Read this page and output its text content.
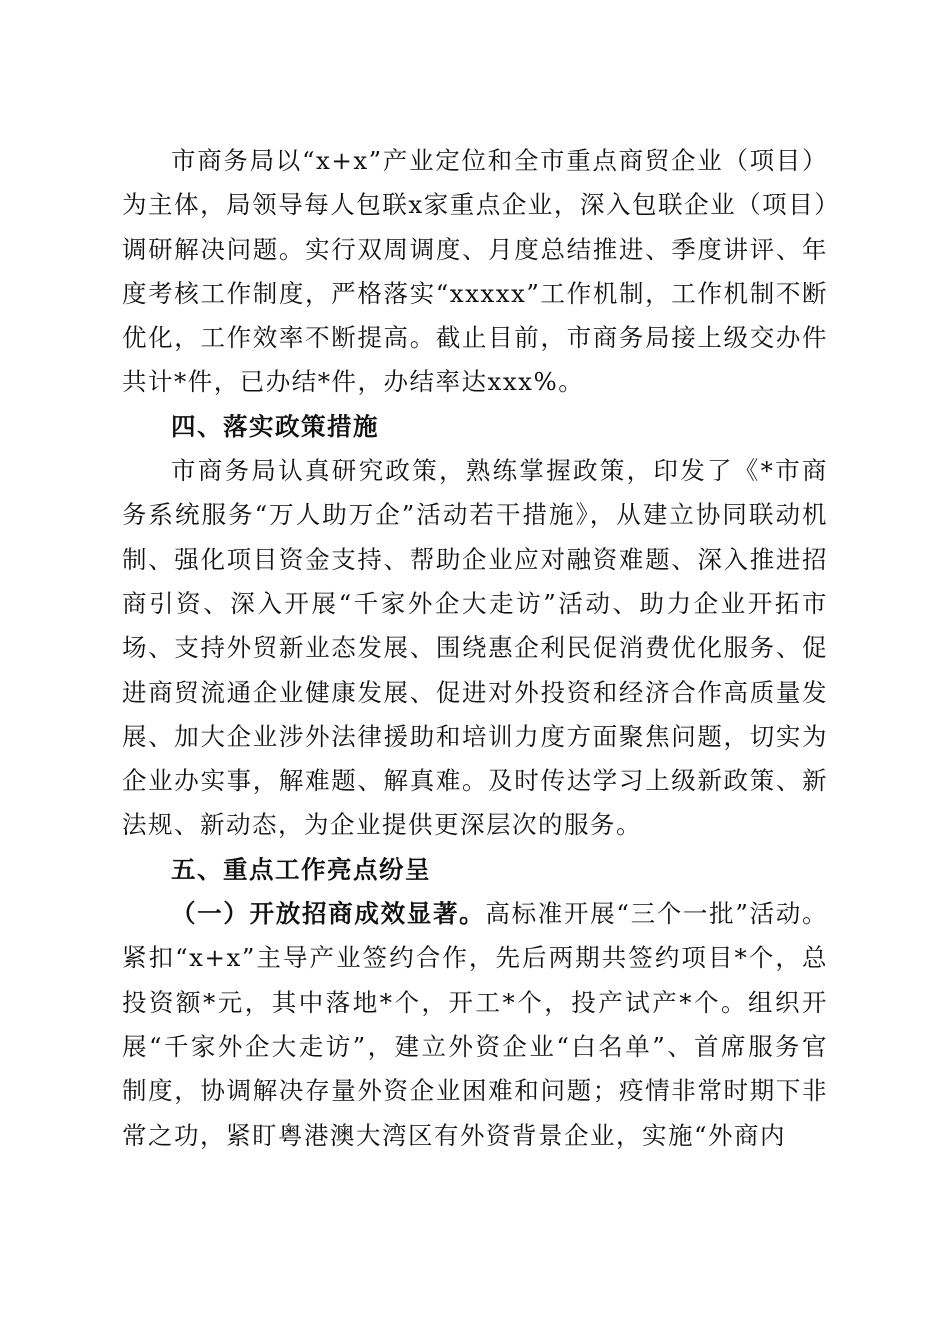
市商务局以“x+x”产业定位和全市重点商贸企业（项目）为主体，局领导每人包联x家重点企业，深入包联企业（项目）调研解决问题。实行双周调度、月度总结推进、季度讲评、年度考核工作制度，严格落实“xxxxx”工作机制，工作机制不断优化，工作效率不断提高。截止目前，市商务局接上级交办件共计*件，已办结*件，办结率达xxx%。

四、落实政策措施

市商务局认真研究政策，熟练掌握政策，印发了《*市商务系统服务“万人助万企”活动若干措施》，从建立协同联动机制、强化项目资金支持、帮助企业应对融资难题、深入推进招商引资、深入开展“千家外企大走访”活动、助力企业开拓市场、支持外贸新业态发展、围绕惠企利民促消费优化服务、促进商贸流通企业健康发展、促进对外投资和经济合作高质量发展、加大企业涉外法律援助和培训力度方面聚焦问题，切实为企业办实事，解难题、解真难。及时传达学习上级新政策、新法规、新动态，为企业提供更深层次的服务。

五、重点工作亮点纷呈

（一）开放招商成效显著。高标准开展“三个一批”活动。紧扣“x+x”主导产业签约合作，先后两期共签约项目*个，总投资额*元，其中落地*个，开工*个，投产试产*个。组织开展“千家外企大走访”，建立外资企业“白名单”、首席服务官制度，协调解决存量外资企业困难和问题；疫情非常时期下非常之功，紧盯粤港澳大湾区有外资背景企业，实施“外商内
